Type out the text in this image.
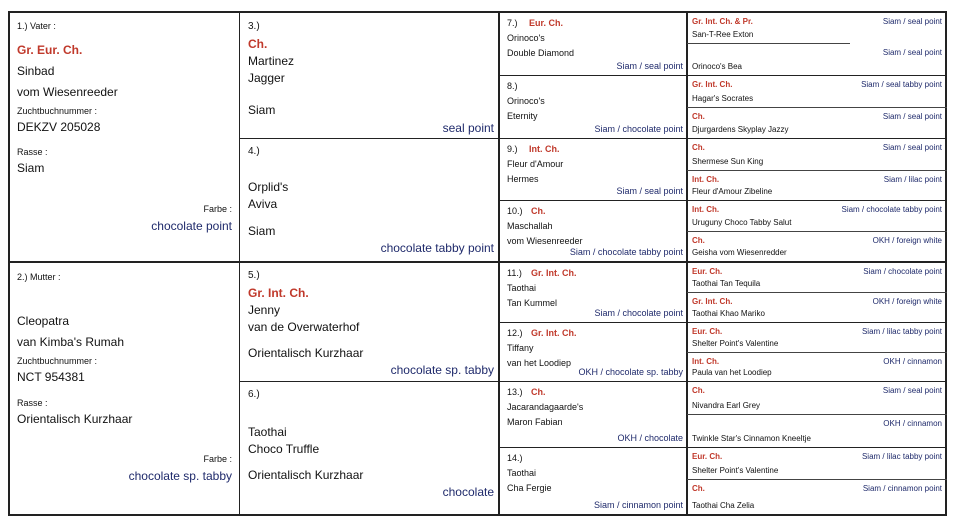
1.) Vater :
Gr. Eur. Ch.
Sinbad
vom Wiesenreeder
Zuchtbuchnummer :
DEKZV 205028
Rasse :
Siam
Farbe :
chocolate point
2.) Mutter :
Cleopatra
van Kimba's Rumah
Zuchtbuchnummer :
NCT 954381
Rasse :
Orientalisch Kurzhaar
Farbe :
chocolate sp. tabby
3.)
Ch.
Martinez
Jagger
Siam
seal point
4.)
Orplid's
Aviva
Siam
chocolate tabby point
5.)
Gr. Int. Ch.
Jenny
van de Overwaterhof
Orientalisch Kurzhaar
chocolate sp. tabby
6.)
Taothai
Choco Truffle
Orientalisch Kurzhaar
chocolate
7.) Eur. Ch.
Orinoco's
Double Diamond
Siam / seal point
8.)
Orinoco's
Eternity
Siam / chocolate point
9.) Int. Ch.
Fleur d'Amour
Hermes
Siam / seal point
10.) Ch.
Maschallah
vom Wiesenreeder
Siam / chocolate tabby point
11.) Gr. Int. Ch.
Taothai
Tan Kummel
Siam / chocolate point
12.) Gr. Int. Ch.
Tiffany
van het Loodiep
OKH / chocolate sp. tabby
13.) Ch.
Jacarandagaarde's
Maron Fabian
OKH / chocolate
14.)
Taothai
Cha Fergie
Siam / cinnamon point
Gr. Int. Ch. & Pr.	Siam / seal point
San-T-Ree Exton
Siam / seal point
Orinoco's Bea
Gr. Int. Ch.	Siam / seal tabby point
Hagar's Socrates
Ch.	Siam / seal point
Djurgardens Skyplay Jazzy
Ch.	Siam / seal point
Shermese Sun King
Int. Ch.	Siam / lilac point
Fleur d'Amour Zibeline
Int. Ch.	Siam / chocolate tabby point
Uruguny Choco Tabby Salut
Ch.	OKH / foreign white
Geisha vom Wiesenredder
Eur. Ch.	Siam / chocolate point
Taothai Tan Tequila
Gr. Int. Ch.	OKH / foreign white
Taothai Khao Mariko
Eur. Ch.	Siam / lilac tabby point
Shelter Point's Valentine
Int. Ch.	OKH / cinnamon
Paula van het Loodiep
Ch.	Siam / seal point
Nivandra Earl Grey
OKH / cinnamon
Twinkle Star's Cinnamon Kneeltje
Eur. Ch.	Siam / lilac tabby point
Shelter Point's Valentine
Ch.	Siam / cinnamon point
Taothai Cha Zelia
